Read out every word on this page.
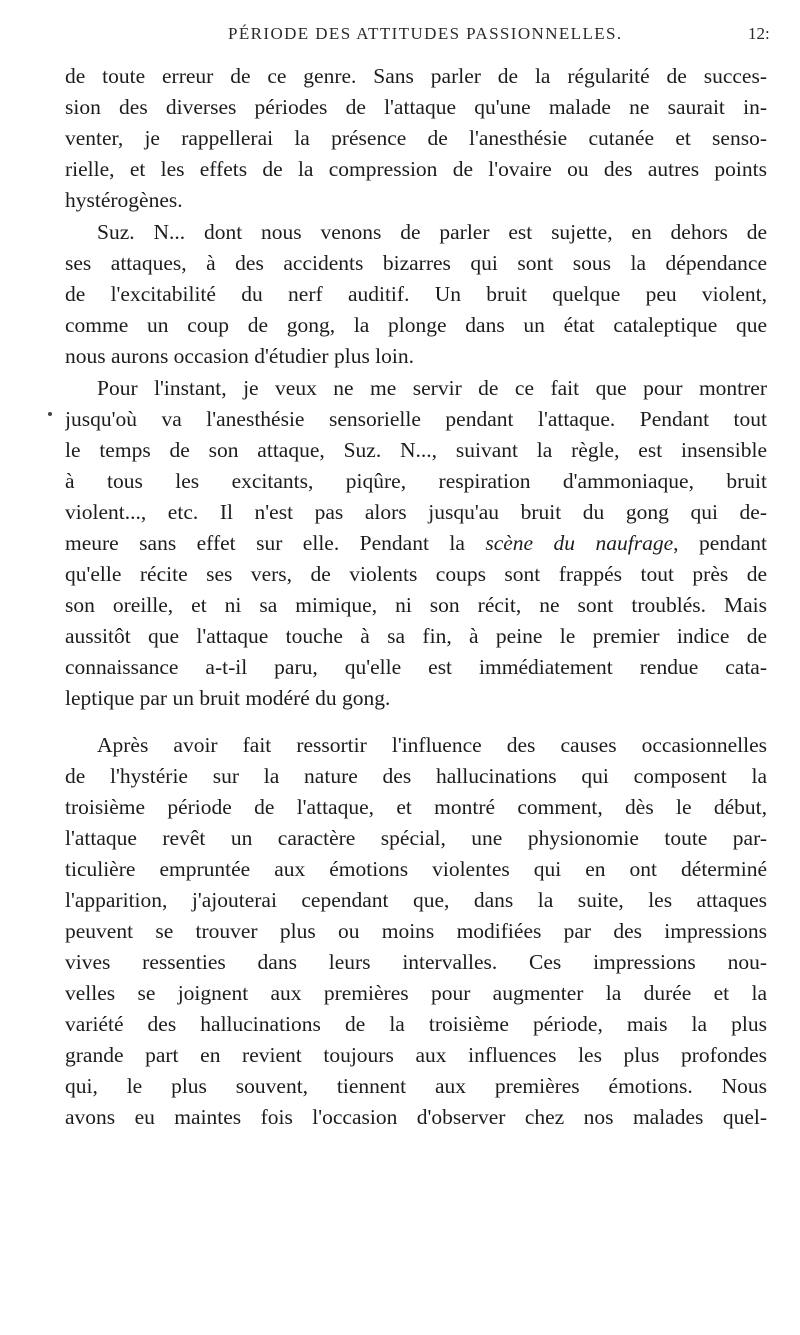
PÉRIODE DES ATTITUDES PASSIONNELLES.	12:
de toute erreur de ce genre. Sans parler de la régularité de succes-
sion des diverses périodes de l'attaque qu'une malade ne saurait in-
venter, je rappellerai la présence de l'anesthésie cutanée et senso-
rielle, et les effets de la compression de l'ovaire ou des autres points
hystérogènes.
Suz. N... dont nous venons de parler est sujette, en dehors de
ses attaques, à des accidents bizarres qui sont sous la dépendance
de l'excitabilité du nerf auditif. Un bruit quelque peu violent,
comme un coup de gong, la plonge dans un état cataleptique que
nous aurons occasion d'étudier plus loin.
Pour l'instant, je veux ne me servir de ce fait que pour montrer
jusqu'où va l'anesthésie sensorielle pendant l'attaque. Pendant tout
le temps de son attaque, Suz. N..., suivant la règle, est insensible
à tous les excitants, piqûre, respiration d'ammoniaque, bruit
violent..., etc. Il n'est pas alors jusqu'au bruit du gong qui de-
meure sans effet sur elle. Pendant la scène du naufrage, pendant
qu'elle récite ses vers, de violents coups sont frappés tout près de
son oreille, et ni sa mimique, ni son récit, ne sont troublés. Mais
aussitôt que l'attaque touche à sa fin, à peine le premier indice de
connaissance a-t-il paru, qu'elle est immédiatement rendue cata-
leptique par un bruit modéré du gong.
Après avoir fait ressortir l'influence des causes occasionnelles
de l'hystérie sur la nature des hallucinations qui composent la
troisième période de l'attaque, et montré comment, dès le début,
l'attaque revêt un caractère spécial, une physionomie toute par-
ticulière empruntée aux émotions violentes qui en ont déterminé
l'apparition, j'ajouterai cependant que, dans la suite, les attaques
peuvent se trouver plus ou moins modifiées par des impressions
vives ressenties dans leurs intervalles. Ces impressions nou-
velles se joignent aux premières pour augmenter la durée et la
variété des hallucinations de la troisième période, mais la plus
grande part en revient toujours aux influences les plus profondes
qui, le plus souvent, tiennent aux premières émotions. Nous
avons eu maintes fois l'occasion d'observer chez nos malades quel-
